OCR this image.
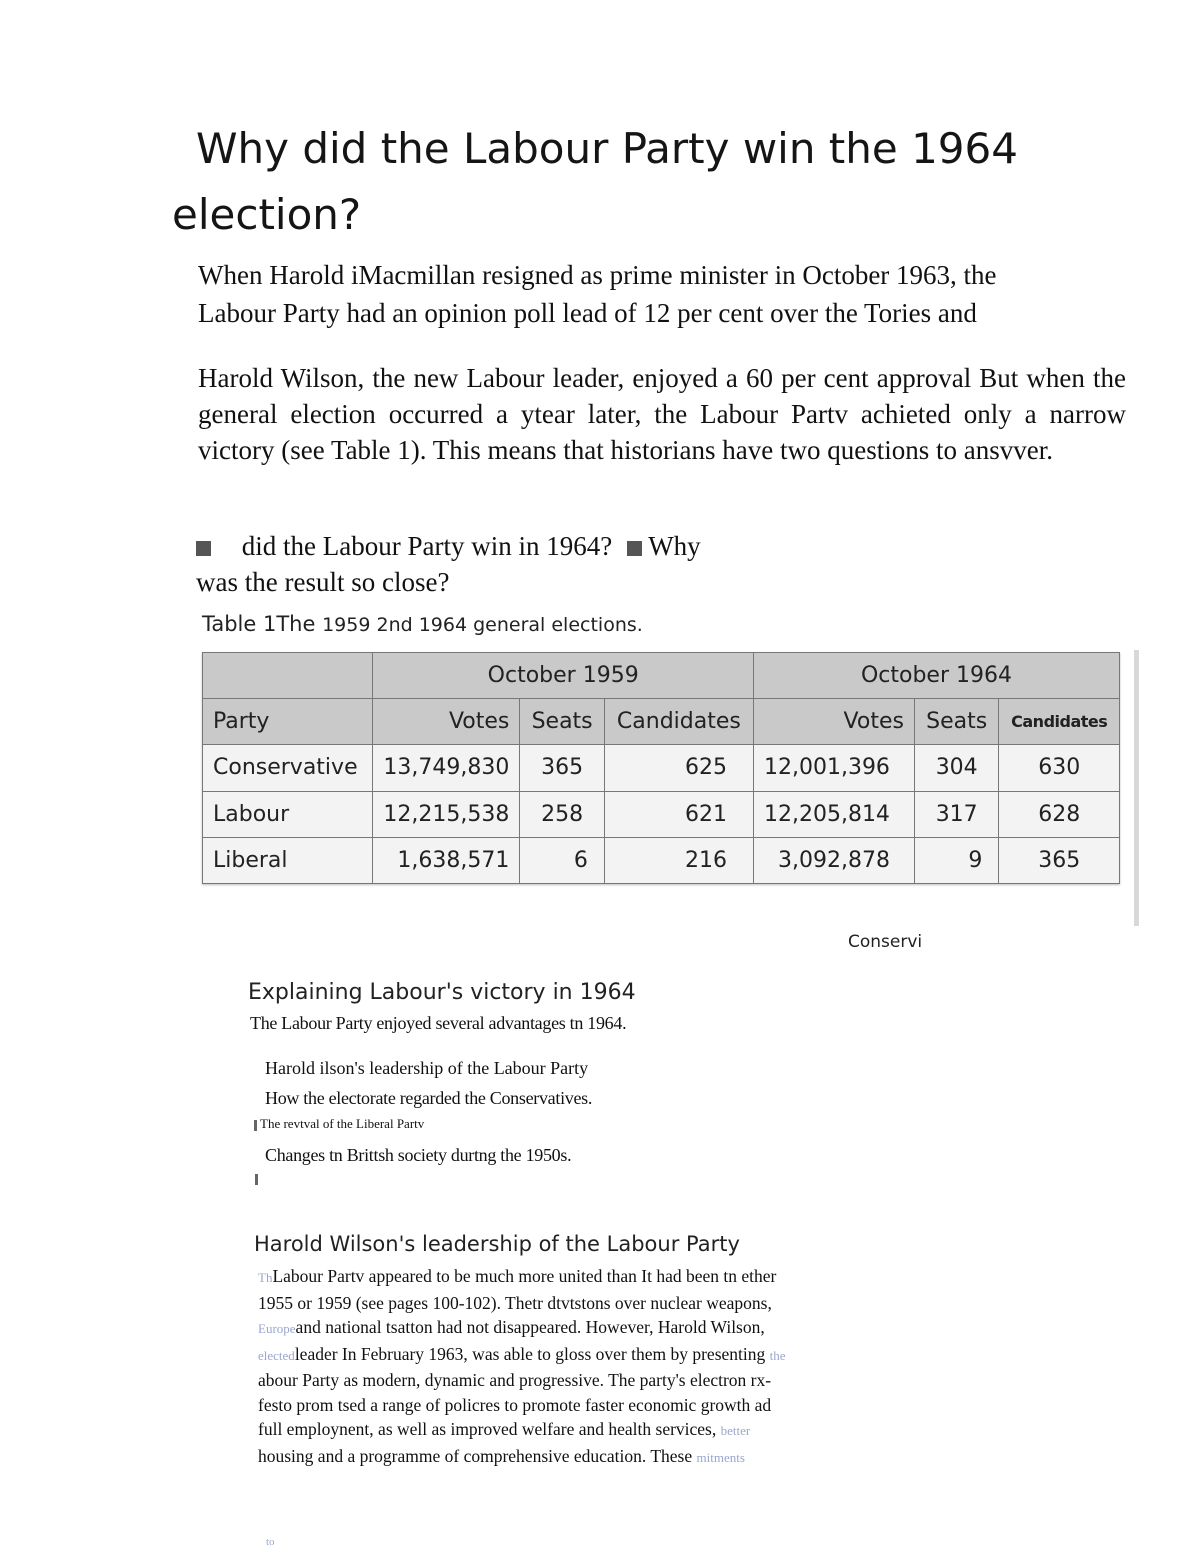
Why did the Labour Party win the 1964
election?
When Harold iMacmillan resigned as prime minister in October 1963, the
Labour Party had an opinion poll lead of 12 per cent over the Tories and
Harold Wilson, the new Labour leader, enjoyed a 60 per cent approval But when the general election occurred a ytear later, the Labour Partv achieted only a narrow victory (see Table 1). This means that historians have two questions to ansvver.
did the Labour Party win in 1964? Why
was the result so close?
Table 1The 1959 2nd 1964 general elections.
	October 1959			October 1964		
Party	Votes	Seats	Candidates	Votes	Seats	Candidates
Conservative	13,749,830	365	625	12,001,396	304	630
Labour	12,215,538	258	621	12,205,814	317	628
Liberal	1,638,571	6	216	3,092,878	9	365
Conservi
Explaining Labour's victory in 1964
The Labour Party enjoyed several advantages tn 1964.
Harold ilson's leadership of the Labour Party
How the electorate regarded the Conservatives.
The revtval of the Liberal Partv
Changes tn Brittsh society durtng the 1950s.
Harold Wilson's leadership of the Labour Party
ThLabour Partv appeared to be much more united than It had been tn ether
1955 or 1959 (see pages 100-102). Thetr dtvtstons over nuclear weapons,
Europeand national tsatton had not disappeared. However, Harold Wilson,
electedleader In February 1963, was able to gloss over them by presenting the
abour Party as modern, dynamic and progressive. The party's electron rx-
festo prom tsed a range of policres to promote faster economic growth ad
full employnent, as well as improved welfare and health services, better
housing and a programme of comprehensive education. These mitments
to
